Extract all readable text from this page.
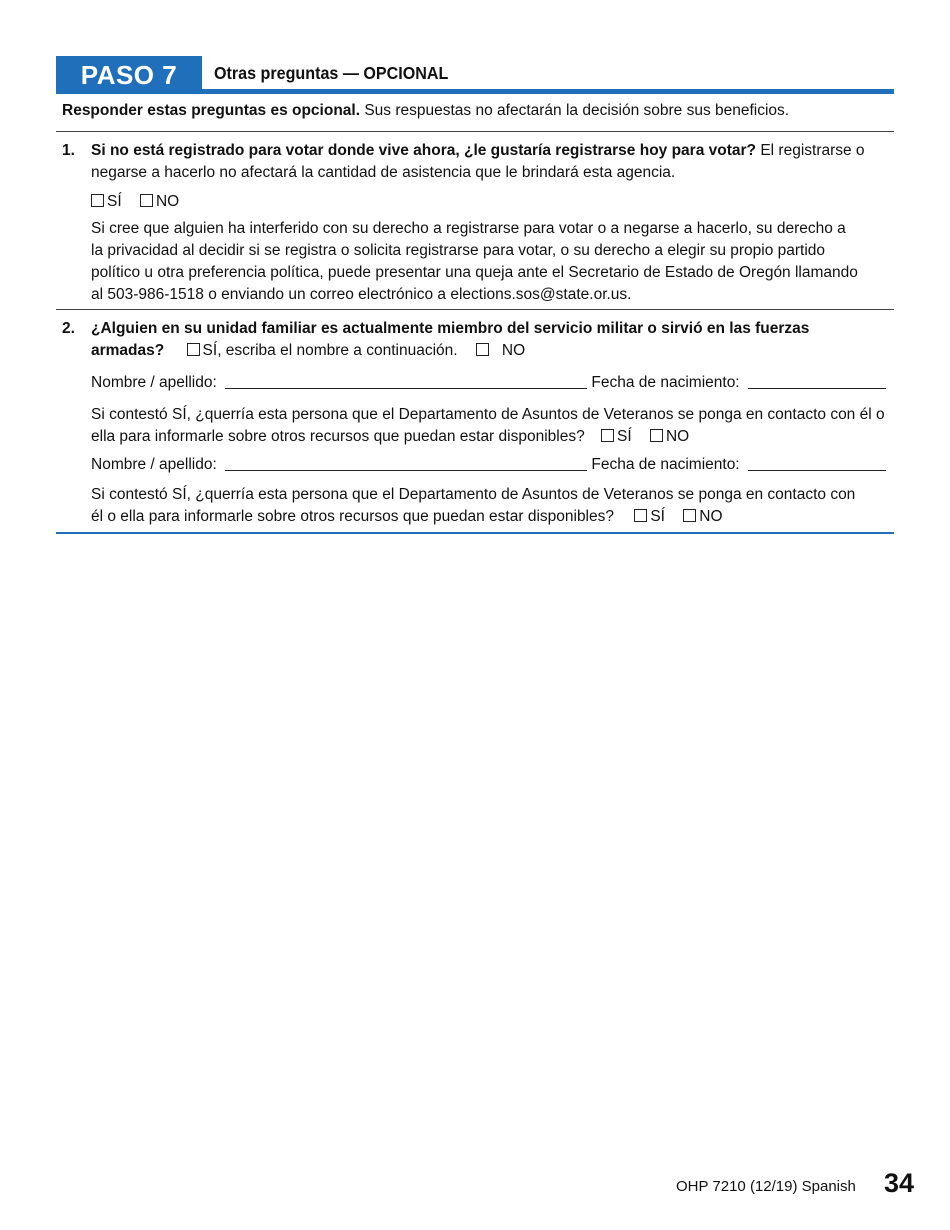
PASO 7	Otras preguntas — OPCIONAL
Responder estas preguntas es opcional. Sus respuestas no afectarán la decisión sobre sus beneficios.
1. Si no está registrado para votar donde vive ahora, ¿le gustaría registrarse hoy para votar? El registrarse o negarse a hacerlo no afectará la cantidad de asistencia que le brindará esta agencia.
SÍ NO
Si cree que alguien ha interferido con su derecho a registrarse para votar o a negarse a hacerlo, su derecho a la privacidad al decidir si se registra o solicita registrarse para votar, o su derecho a elegir su propio partido político u otra preferencia política, puede presentar una queja ante el Secretario de Estado de Oregón llamando al 503-986-1518 o enviando un correo electrónico a elections.sos@state.or.us.
2. ¿Alguien en su unidad familiar es actualmente miembro del servicio militar o sirvió en las fuerzas armadas? SÍ, escriba el nombre a continuación.	NO
Nombre / apellido:	Fecha de nacimiento:
Si contestó SÍ, ¿querría esta persona que el Departamento de Asuntos de Veteranos se ponga en contacto con él o ella para informarle sobre otros recursos que puedan estar disponibles? SÍ NO
Nombre / apellido:	Fecha de nacimiento:
Si contestó SÍ, ¿querría esta persona que el Departamento de Asuntos de Veteranos se ponga en contacto con él o ella para informarle sobre otros recursos que puedan estar disponibles? SÍ NO
OHP 7210 (12/19) Spanish 34
